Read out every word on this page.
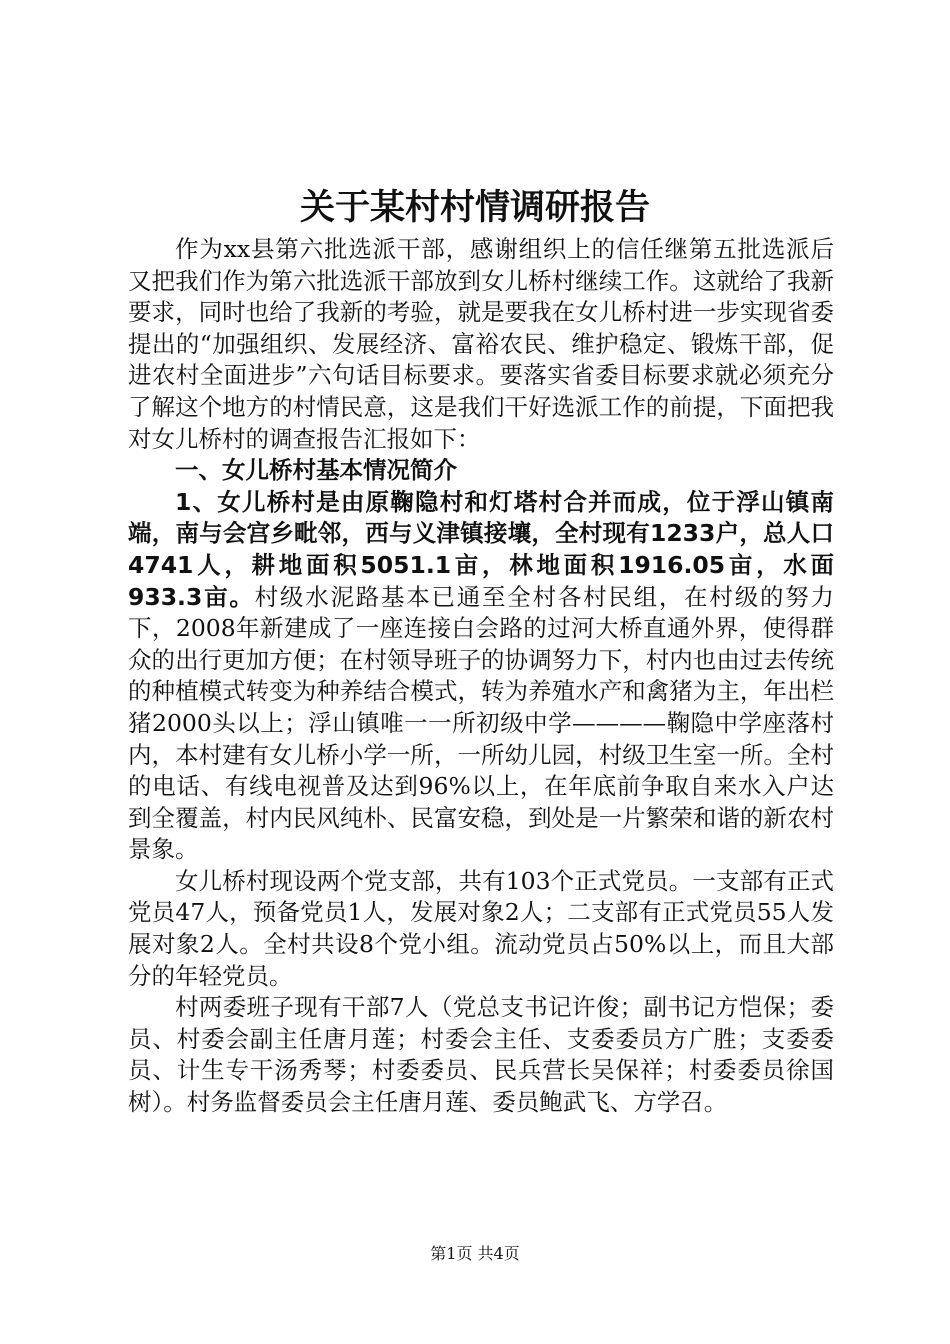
关于某村村情调研报告

作为xx县第六批选派干部，感谢组织上的信任继第五批选派后又把我们作为第六批选派干部放到女儿桥村继续工作。这就给了我新要求，同时也给了我新的考验，就是要我在女儿桥村进一步实现省委提出的“加强组织、发展经济、富裕农民、维护稳定、锻炼干部，促进农村全面进步”六句话目标要求。要落实省委目标要求就必须充分了解这个地方的村情民意，这是我们干好选派工作的前提，下面把我对女儿桥村的调查报告汇报如下：

一、女儿桥村基本情况简介

1、女儿桥村是由原鞠隐村和灯塔村合并而成，位于浮山镇南端，南与会宫乡毗邻，西与义津镇接壤，全村现有1233户，总人口4741人，耕地面积5051.1亩，林地面积1916.05亩，水面933.3亩。村级水泥路基本已通至全村各村民组，在村级的努力下，2008年新建成了一座连接白会路的过河大桥直通外界，使得群众的出行更加方便；在村领导班子的协调努力下，村内也由过去传统的种植模式转变为种养结合模式，转为养殖水产和禽猪为主，年出栏猪2000头以上；浮山镇唯一一所初级中学————鞠隐中学座落村内，本村建有女儿桥小学一所，一所幼儿园，村级卫生室一所。全村的电话、有线电视普及达到96%以上，在年底前争取自来水入户达到全覆盖，村内民风纯朴、民富安稳，到处是一片繁荣和谐的新农村景象。

女儿桥村现设两个党支部，共有103个正式党员。一支部有正式党员47人，预备党员1人，发展对象2人；二支部有正式党员55人发展对象2人。全村共设8个党小组。流动党员占50%以上，而且大部分的年轻党员。

村两委班子现有干部7人（党总支书记许俊；副书记方恺保；委员、村委会副主任唐月莲；村委会主任、支委委员方广胜；支委委员、计生专干汤秀琴；村委委员、民兵营长吴保祥；村委委员徐国树）。村务监督委员会主任唐月莲、委员鲍武飞、方学召。

第1页 共4页
